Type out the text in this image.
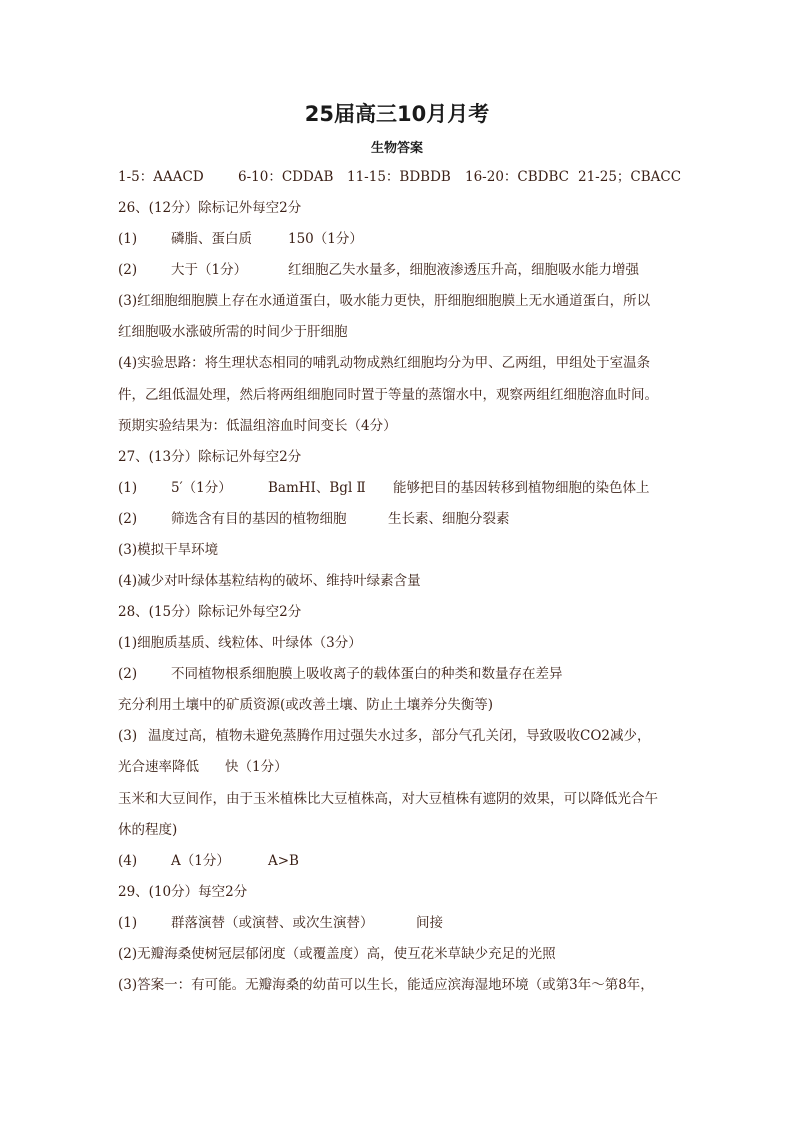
25届高三10月月考
生物答案
1-5：AAACD	6-10：CDDAB 11-15：BDBDB 16-20：CBDBC 21-25；CBACC
26、(12分）除标记外每空2分
(1)	磷脂、蛋白质	150（1分）
(2)	大于（1分）	红细胞乙失水量多，细胞液渗透压升高，细胞吸水能力增强
(3)红细胞细胞膜上存在水通道蛋白，吸水能力更快，肝细胞细胞膜上无水通道蛋白，所以
红细胞吸水涨破所需的时间少于肝细胞
(4)实验思路：将生理状态相同的哺乳动物成熟红细胞均分为甲、乙两组，甲组处于室温条
件，乙组低温处理，然后将两组细胞同时置于等量的蒸馏水中，观察两组红细胞溶血时间。
预期实验结果为：低温组溶血时间变长（4分）
27、(13分）除标记外每空2分
(1)	5′（1分）	BamHI、Bgl Ⅱ 能够把目的基因转移到植物细胞的染色体上
(2)	筛选含有目的基因的植物细胞	生长素、细胞分裂素
(3)模拟干旱环境
(4)减少对叶绿体基粒结构的破坏、维持叶绿素含量
28、(15分）除标记外每空2分
(1)细胞质基质、线粒体、叶绿体（3分）
(2)	不同植物根系细胞膜上吸收离子的载体蛋白的种类和数量存在差异
充分利用土壤中的矿质资源(或改善土壤、防止土壤养分失衡等)
(3) 温度过高，植物未避免蒸腾作用过强失水过多，部分气孔关闭，导致吸收CO2减少，
光合速率降低 快（1分）
玉米和大豆间作，由于玉米植株比大豆植株高，对大豆植株有遮阴的效果，可以降低光合午
休的程度)
(4)	A（1分）	A>B
29、(10分）每空2分
(1)	群落演替（或演替、或次生演替）	间接
(2)无瓣海桑使树冠层郁闭度（或覆盖度）高，使互花米草缺少充足的光照
(3)答案一：有可能。无瓣海桑的幼苗可以生长，能适应滨海湿地环境（或第3年～第8年，
